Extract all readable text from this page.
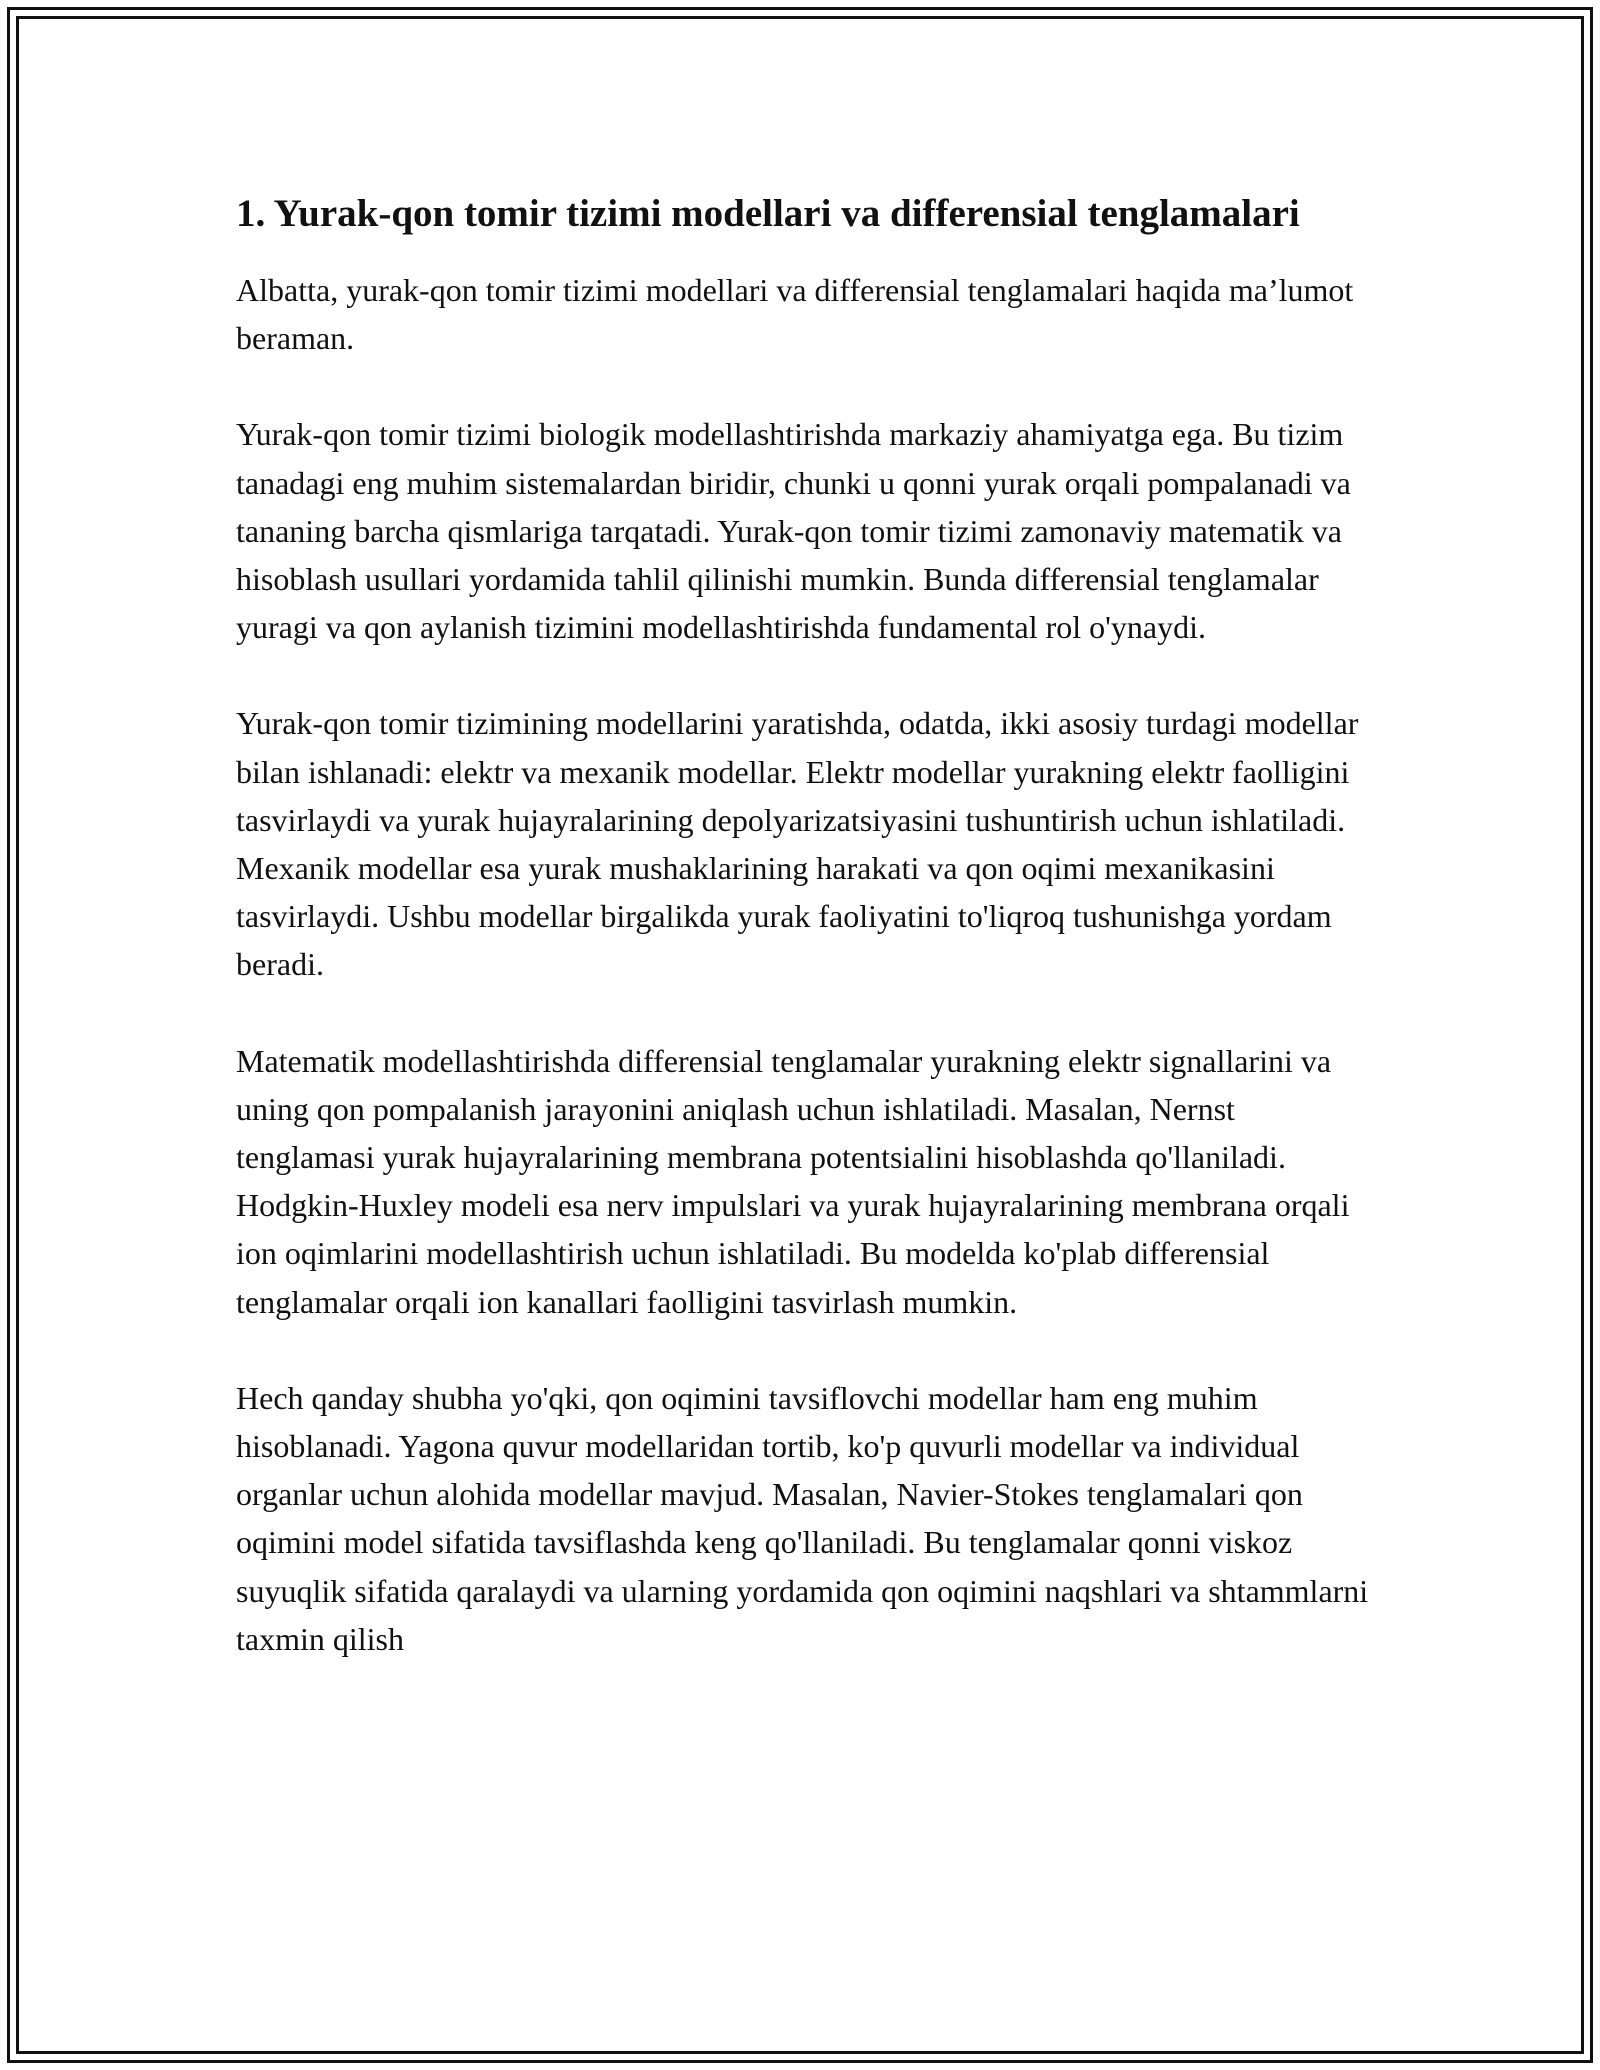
1. Yurak-qon tomir tizimi modellari va differensial tenglamalari

Albatta, yurak-qon tomir tizimi modellari va differensial tenglamalari haqida ma’lumot beraman.

Yurak-qon tomir tizimi biologik modellashtirishda markaziy ahamiyatga ega. Bu tizim tanadagi eng muhim sistemalardan biridir, chunki u qonni yurak orqali pompalanadi va tananing barcha qismlariga tarqatadi. Yurak-qon tomir tizimi zamonaviy matematik va hisoblash usullari yordamida tahlil qilinishi mumkin. Bunda differensial tenglamalar yuragi va qon aylanish tizimini modellashtirishda fundamental rol o'ynaydi.

Yurak-qon tomir tizimining modellarini yaratishda, odatda, ikki asosiy turdagi modellar bilan ishlanadi: elektr va mexanik modellar. Elektr modellar yurakning elektr faolligini tasvirlaydi va yurak hujayralarining depolyarizatsiyasini tushuntirish uchun ishlatiladi. Mexanik modellar esa yurak mushaklarining harakati va qon oqimi mexanikasini tasvirlaydi. Ushbu modellar birgalikda yurak faoliyatini to'liqroq tushunishga yordam beradi.

Matematik modellashtirishda differensial tenglamalar yurakning elektr signallarini va uning qon pompalanish jarayonini aniqlash uchun ishlatiladi. Masalan, Nernst tenglamasi yurak hujayralarining membrana potentsialini hisoblashda qo'llaniladi. Hodgkin-Huxley modeli esa nerv impulslari va yurak hujayralarining membrana orqali ion oqimlarini modellashtirish uchun ishlatiladi. Bu modelda ko'plab differensial tenglamalar orqali ion kanallari faolligini tasvirlash mumkin.

Hech qanday shubha yo'qki, qon oqimini tavsiflovchi modellar ham eng muhim hisoblanadi. Yagona quvur modellaridan tortib, ko'p quvurli modellar va individual organlar uchun alohida modellar mavjud. Masalan, Navier-Stokes tenglamalari qon oqimini model sifatida tavsiflashda keng qo'llaniladi. Bu tenglamalar qonni viskoz suyuqlik sifatida qaralaydi va ularning yordamida qon oqimini naqshlari va shtammlarni taxmin qilish
